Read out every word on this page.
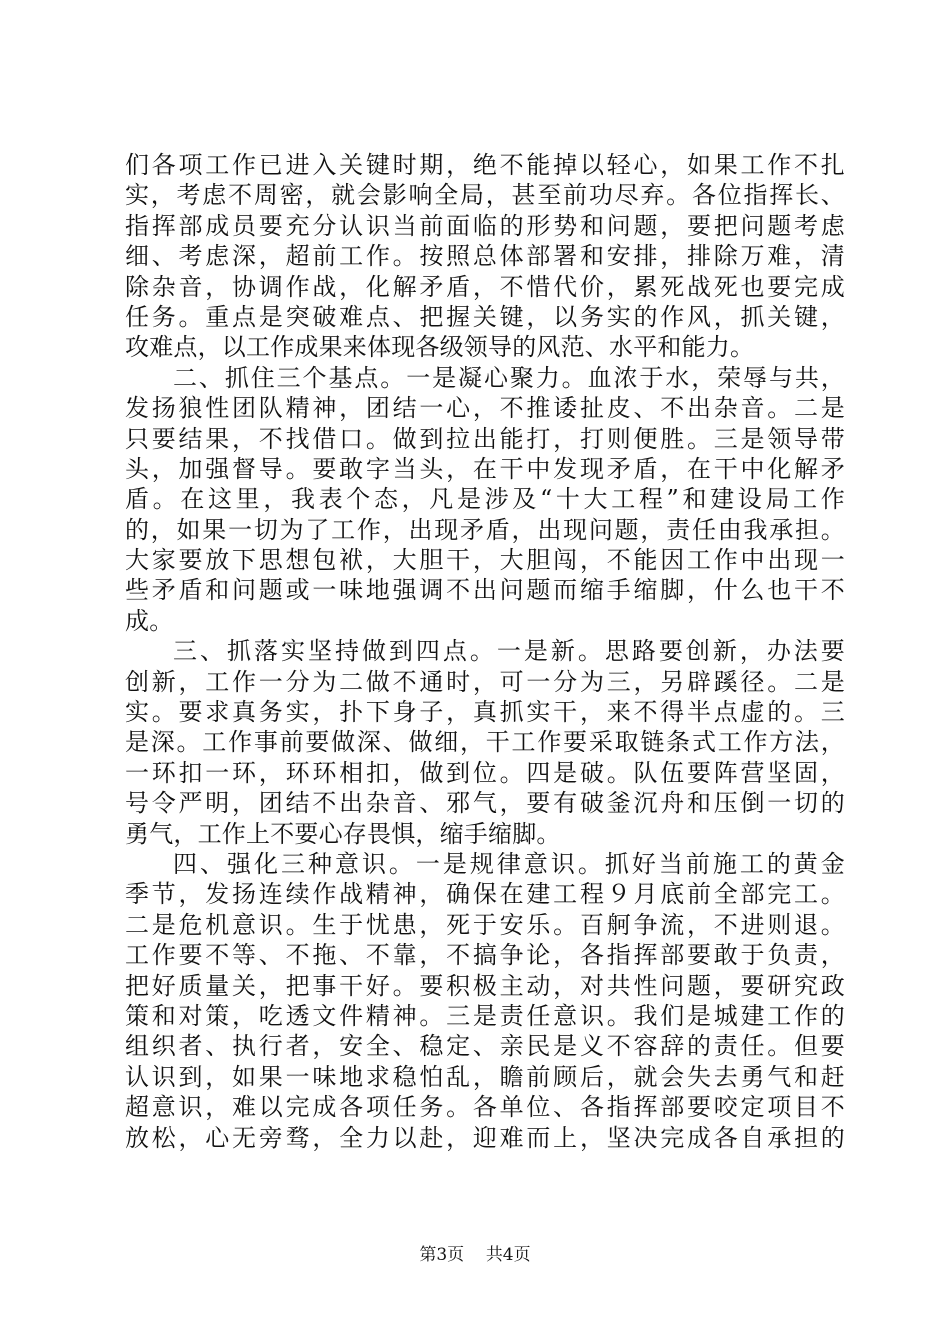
们各项工作已进入关键时期，绝不能掉以轻心，如果工作不扎
实，考虑不周密，就会影响全局，甚至前功尽弃。各位指挥长、
指挥部成员要充分认识当前面临的形势和问题，要把问题考虑
细、考虑深，超前工作。按照总体部署和安排，排除万难，清
除杂音，协调作战，化解矛盾，不惜代价，累死战死也要完成
任务。重点是突破难点、把握关键，以务实的作风，抓关键，
攻难点，以工作成果来体现各级领导的风范、水平和能力。
二、抓住三个基点。一是凝心聚力。血浓于水，荣辱与共，
发扬狼性团队精神，团结一心，不推诿扯皮、不出杂音。二是
只要结果，不找借口。做到拉出能打，打则便胜。三是领导带
头，加强督导。要敢字当头，在干中发现矛盾，在干中化解矛
盾。在这里，我表个态，凡是涉及“十大工程”和建设局工作
的，如果一切为了工作，出现矛盾，出现问题，责任由我承担。
大家要放下思想包袱，大胆干，大胆闯，不能因工作中出现一
些矛盾和问题或一味地强调不出问题而缩手缩脚，什么也干不
成。
三、抓落实坚持做到四点。一是新。思路要创新，办法要
创新，工作一分为二做不通时，可一分为三，另辟蹊径。二是
实。要求真务实，扑下身子，真抓实干，来不得半点虚的。三
是深。工作事前要做深、做细，干工作要采取链条式工作方法，
一环扣一环，环环相扣，做到位。四是破。队伍要阵营坚固，
号令严明，团结不出杂音、邪气，要有破釜沉舟和压倒一切的
勇气，工作上不要心存畏惧，缩手缩脚。
四、强化三种意识。一是规律意识。抓好当前施工的黄金
季节，发扬连续作战精神，确保在建工程９月底前全部完工。
二是危机意识。生于忧患，死于安乐。百舸争流，不进则退。
工作要不等、不拖、不靠，不搞争论，各指挥部要敢于负责，
把好质量关，把事干好。要积极主动，对共性问题，要研究政
策和对策，吃透文件精神。三是责任意识。我们是城建工作的
组织者、执行者，安全、稳定、亲民是义不容辞的责任。但要
认识到，如果一味地求稳怕乱，瞻前顾后，就会失去勇气和赶
超意识，难以完成各项任务。各单位、各指挥部要咬定项目不
放松，心无旁骛，全力以赴，迎难而上，坚决完成各自承担的
第3页 共4页
